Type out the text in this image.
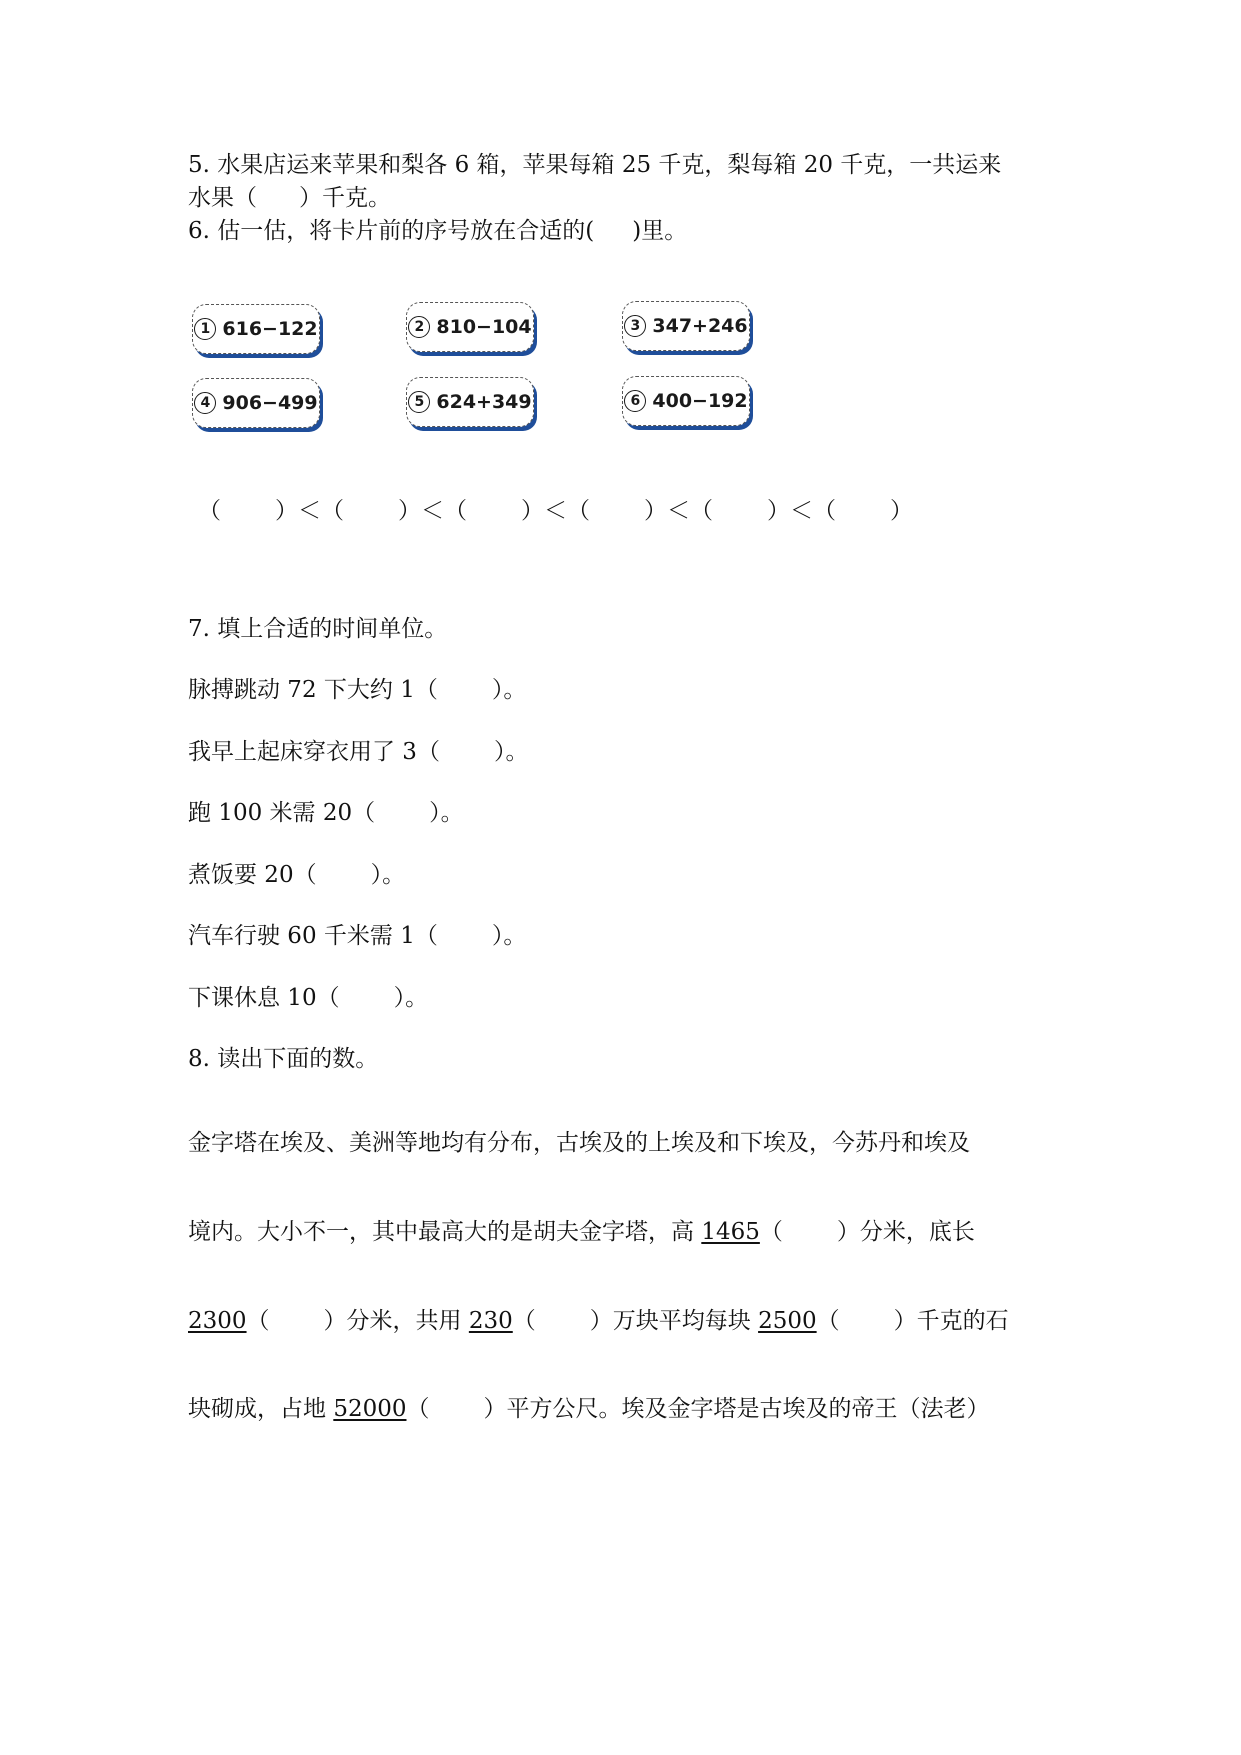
5. 水果店运来苹果和梨各 6 箱，苹果每箱 25 千克，梨每箱 20 千克，一共运来
水果（ ）千克。
6. 估一估，将卡片前的序号放在合适的( )里。
1 616−122	2 810−104	3 347+246
4 906−499	5 624+349	6 400−192
（ ）＜（ ）＜（ ）＜（ ）＜（ ）＜（ ）
7. 填上合适的时间单位。
脉搏跳动 72 下大约 1（ ）。
我早上起床穿衣用了 3（ ）。
跑 100 米需 20（ ）。
煮饭要 20（ ）。
汽车行驶 60 千米需 1（ ）。
下课休息 10（ ）。
8. 读出下面的数。
金字塔在埃及、美洲等地均有分布，古埃及的上埃及和下埃及，今苏丹和埃及
境内。大小不一，其中最高大的是胡夫金字塔，高 1465（ ）分米，底长
2300（ ）分米，共用 230（ ）万块平均每块 2500（ ）千克的石
块砌成，占地 52000（ ）平方公尺。埃及金字塔是古埃及的帝王（法老）
